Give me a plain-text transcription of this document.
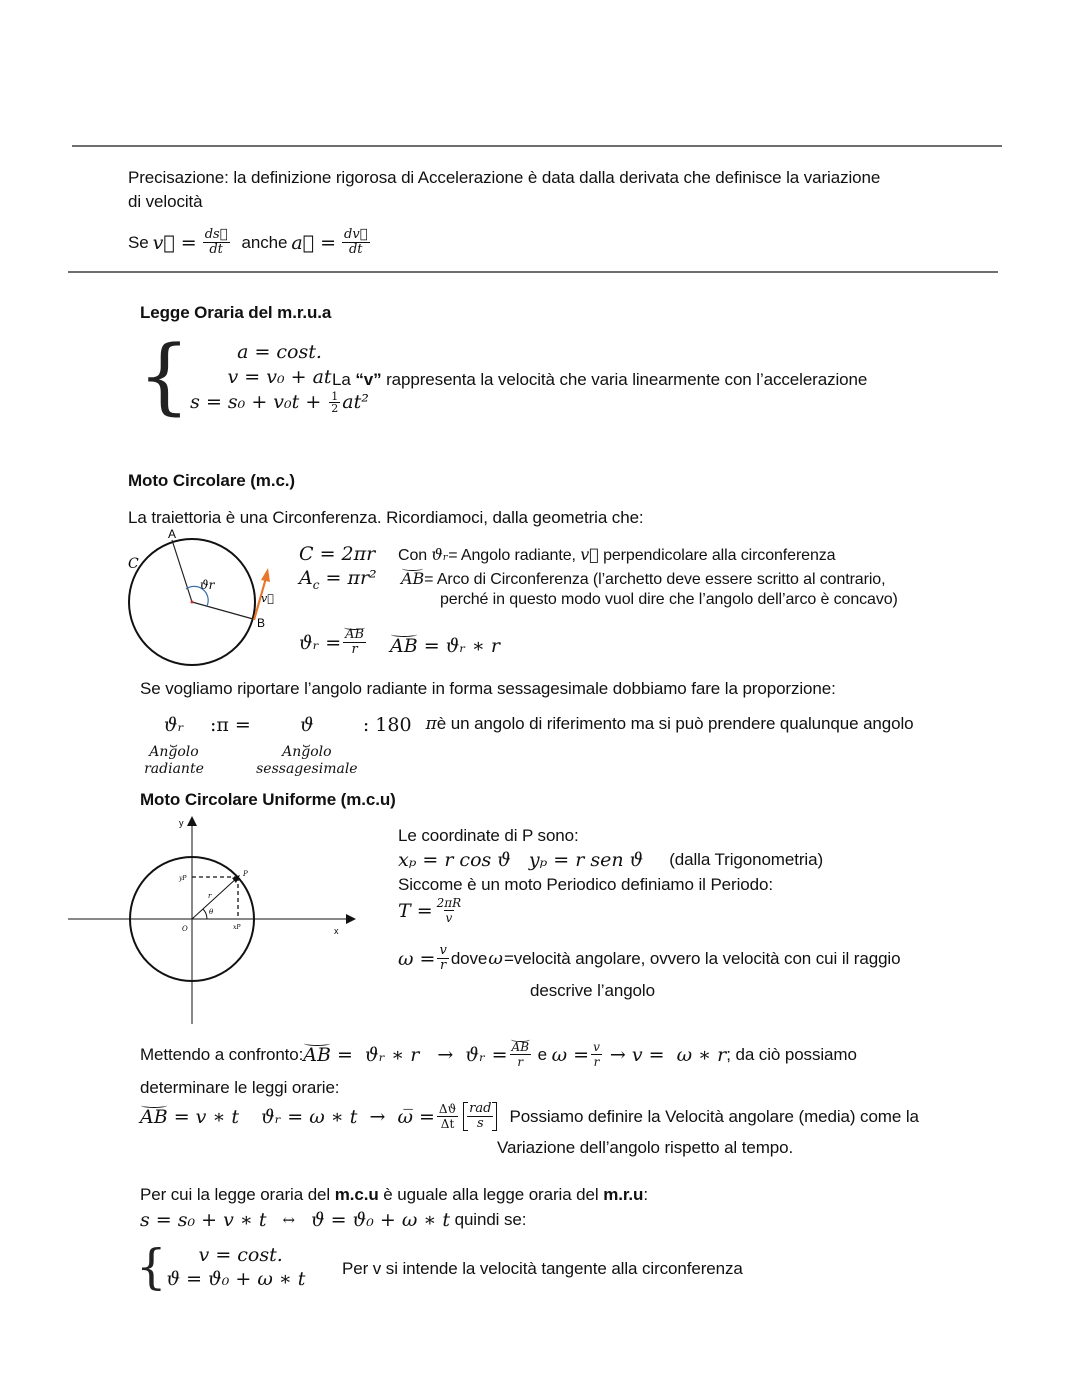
Precisazione: la definizione rigorosa di Accelerazione è data dalla derivata che definisce la variazione
di velocità
Se v⃗ = $\frac{ds⃗}{dt}$ anche a⃗ = $\frac{dv⃗}{dt}$
Legge Oraria del m.r.u.a
{	a = cost.
v = v₀ + at
$s = s_0 + v_0t + \frac{1}{2} at^2$
La “v” rappresenta la velocità che varia linearmente con l’accelerazione
Moto Circolare (m.c.)
La traiettoria è una Circonferenza. Ricordiamoci, dalla geometria che:
A
B
C
ϑr
v⃗
C = 2πr
$A_c = \pi r^2$
Con ϑᵣ= Angolo radiante, v⃗ perpendicolare alla circonferenza
AB= Arco di Circonferenza (l’archetto deve essere scritto al contrario,
perché in questo modo vuol dire che l’angolo dell’arco è concavo)
ϑᵣ = $\frac{AB}{r}$ AB = ϑᵣ ∗ r
Se vogliamo riportare l’angolo radiante in forma sessagesimale dobbiamo fare la proporzione:
ϑᵣ
⏟
Angolo
radiante
:π =	ϑ
⏟
Angolo
sessagesimale
: 180 π è un angolo di riferimento ma si può prendere qualunque angolo
Moto Circolare Uniforme (m.c.u)
y
x
O
P
r
θ
xP
yP
Le coordinate di P sono:
xₚ = r cos ϑ yₚ = r sen ϑ (dalla Trigonometria)
Siccome è un moto Periodico definiamo il Periodo:
$T = \frac{2\pi R}{v}$
$\omega = \frac{v}{r}$ dove ω =velocità angolare, ovvero la velocità con cui il raggio
descrive l’angolo
Mettendo a confronto: AB =  ϑᵣ ∗ r   →  ϑᵣ = $\frac{AB}{r}$ e $\omega = \frac{v}{r} \to v = \omega$ ∗ r ; da ciò possiamo
determinare le leggi orarie:
AB = v ∗ t ϑᵣ = ω ∗ t  →  ω̅ = $\frac{\Delta ϑ}{\Delta t} \frac{\text{rad}}{s}$ Possiamo definire la Velocità angolare (media) come la
Variazione dell’angolo rispetto al tempo.
Per cui la legge oraria del m.c.u è uguale alla legge oraria del m.r.u:
s = s₀ + v ∗ t ↔ ϑ = ϑ₀ + ω ∗ t quindi se:
{	v = cost.
ϑ = ϑ₀ + ω ∗ t Per v si intende la velocità tangente alla circonferenza
